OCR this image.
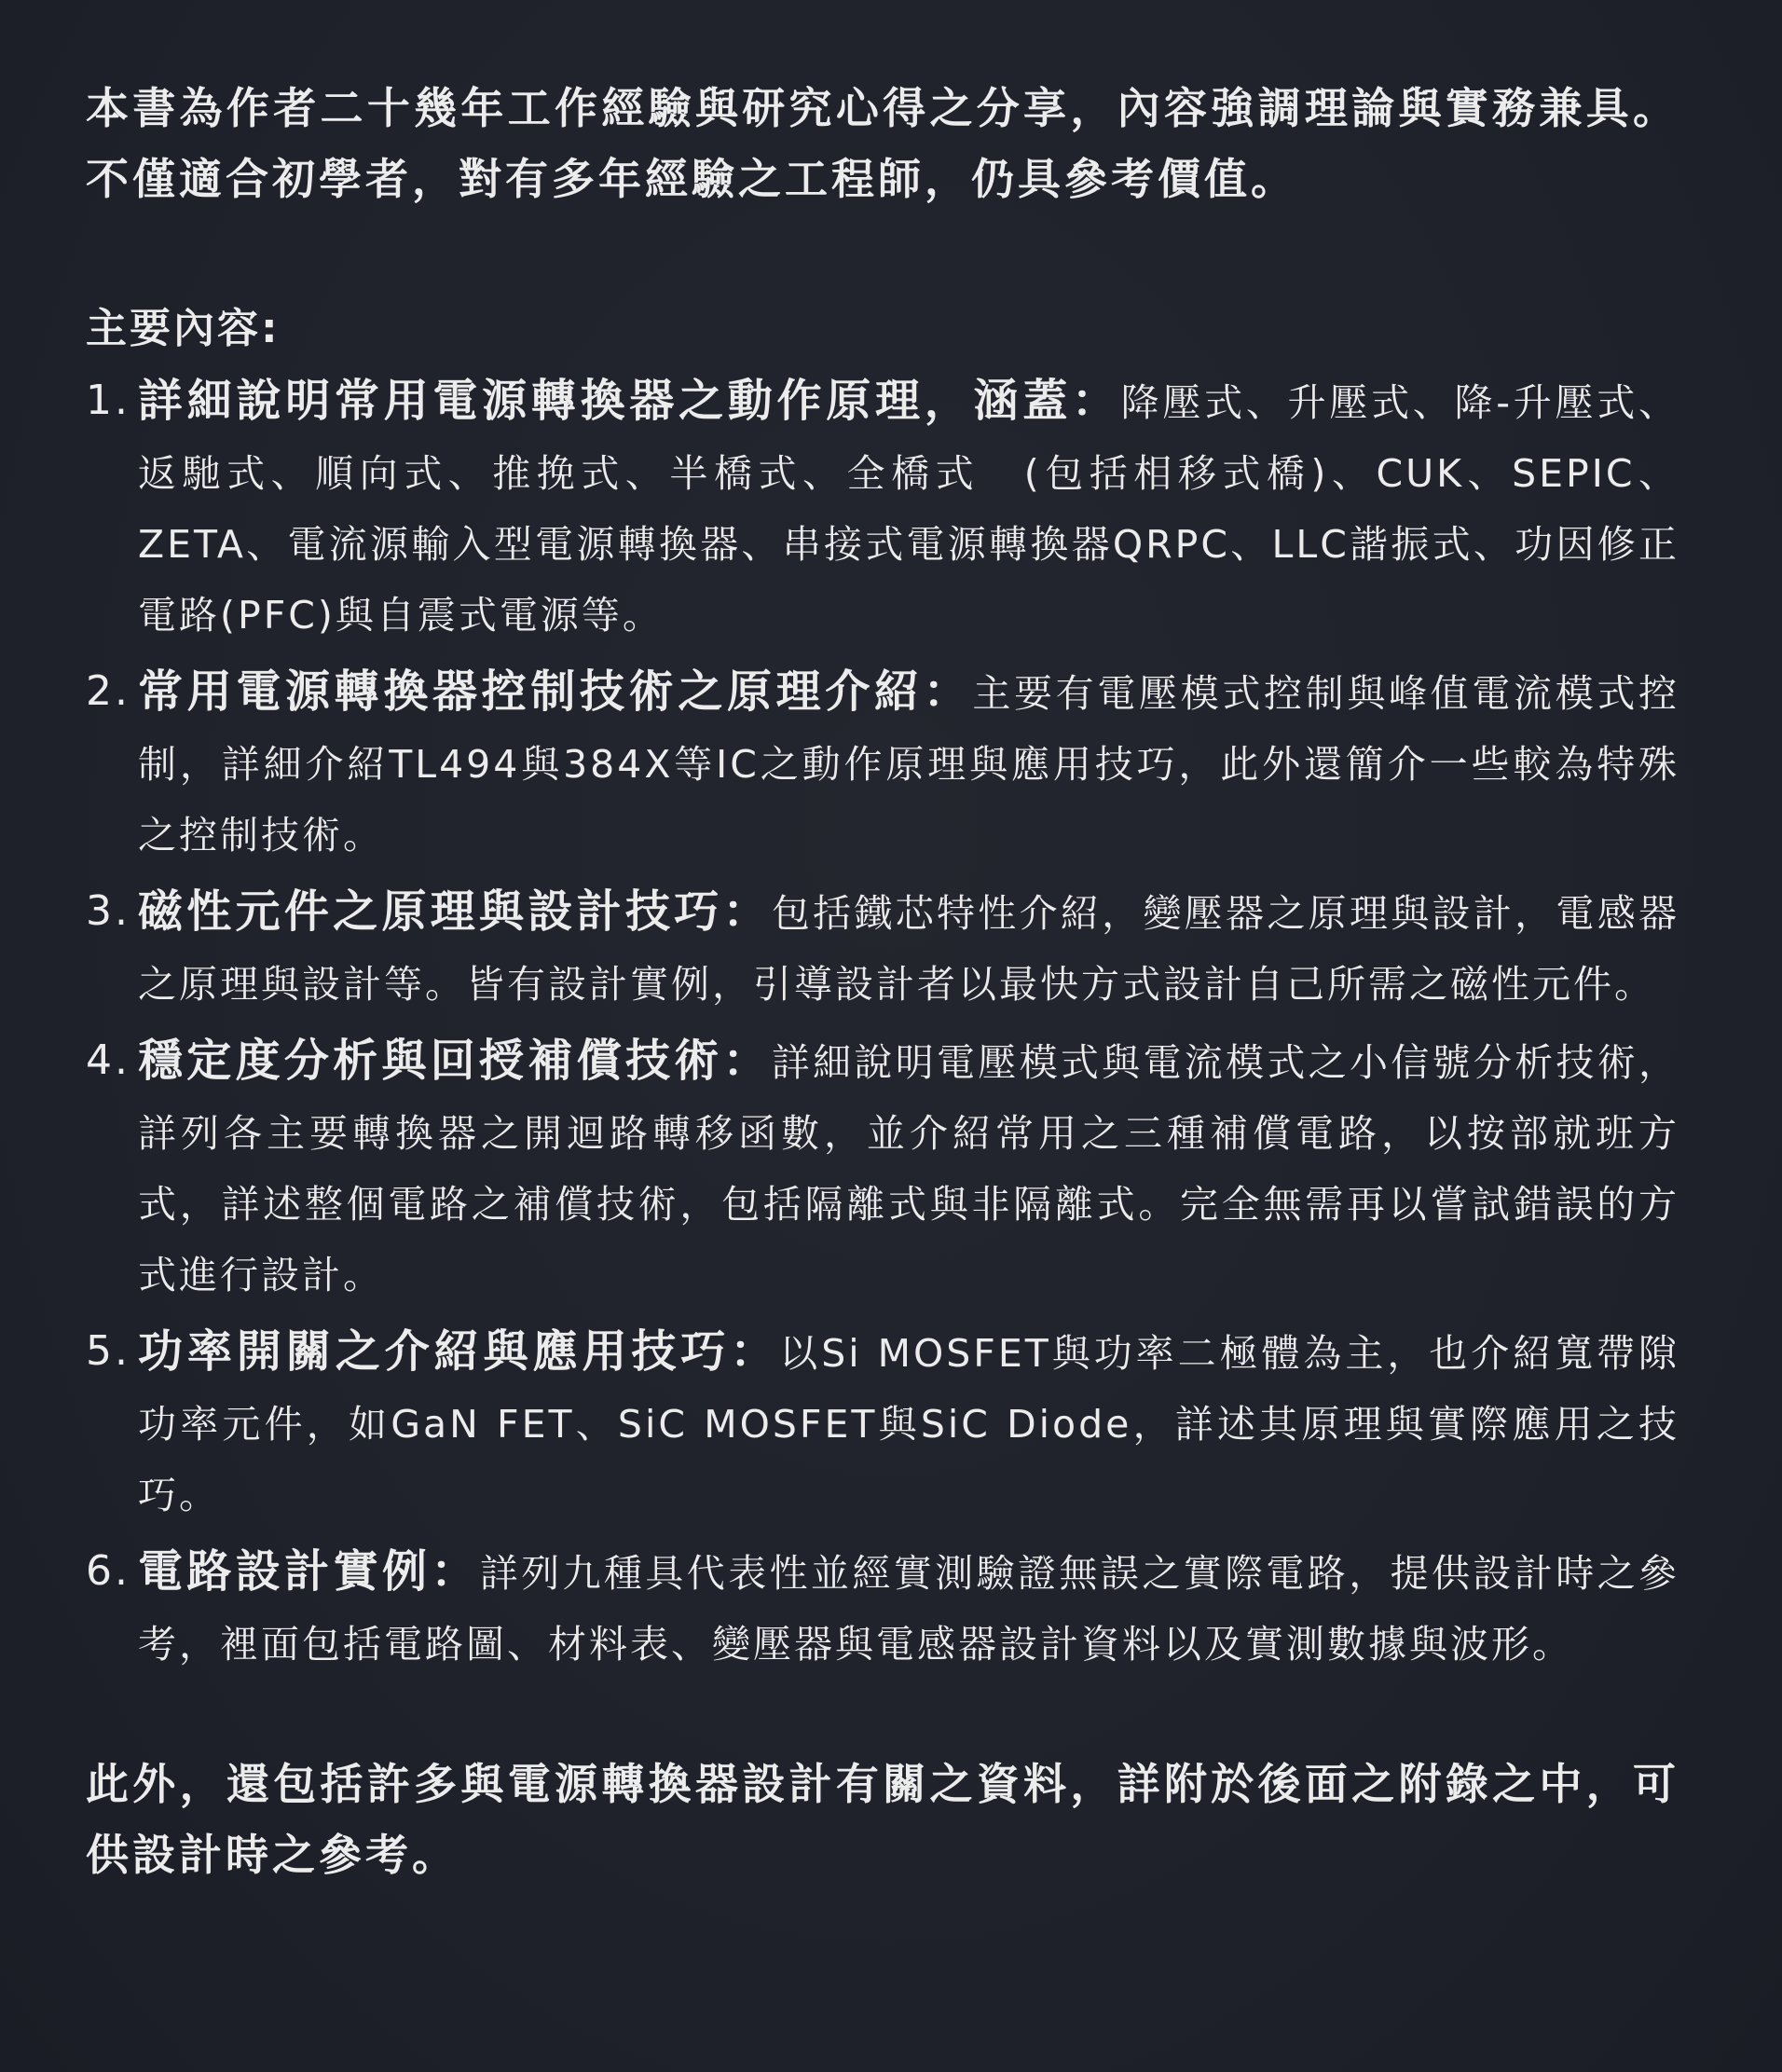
本書為作者二十幾年工作經驗與研究心得之分享，內容強調理論與實務兼具。不僅適合初學者，對有多年經驗之工程師，仍具參考價值。

主要內容:
1. 詳細說明常用電源轉換器之動作原理，涵蓋：降壓式、升壓式、降-升壓式、返馳式、順向式、推挽式、半橋式、全橋式　(包括相移式橋)、CUK、SEPIC、ZETA、電流源輸入型電源轉換器、串接式電源轉換器QRPC、LLC諧振式、功因修正電路(PFC)與自震式電源等。
2. 常用電源轉換器控制技術之原理介紹：主要有電壓模式控制與峰值電流模式控制，詳細介紹TL494與384X等IC之動作原理與應用技巧，此外還簡介一些較為特殊之控制技術。
3. 磁性元件之原理與設計技巧：包括鐵芯特性介紹，變壓器之原理與設計，電感器之原理與設計等。皆有設計實例，引導設計者以最快方式設計自己所需之磁性元件。
4. 穩定度分析與回授補償技術：詳細說明電壓模式與電流模式之小信號分析技術，詳列各主要轉換器之開迴路轉移函數，並介紹常用之三種補償電路，以按部就班方式，詳述整個電路之補償技術，包括隔離式與非隔離式。完全無需再以嘗試錯誤的方式進行設計。
5. 功率開關之介紹與應用技巧：以Si MOSFET與功率二極體為主，也介紹寬帶隙功率元件，如GaN FET、SiC MOSFET與SiC Diode，詳述其原理與實際應用之技巧。
6. 電路設計實例：詳列九種具代表性並經實測驗證無誤之實際電路，提供設計時之參考，裡面包括電路圖、材料表、變壓器與電感器設計資料以及實測數據與波形。

此外，還包括許多與電源轉換器設計有關之資料，詳附於後面之附錄之中，可供設計時之參考。
